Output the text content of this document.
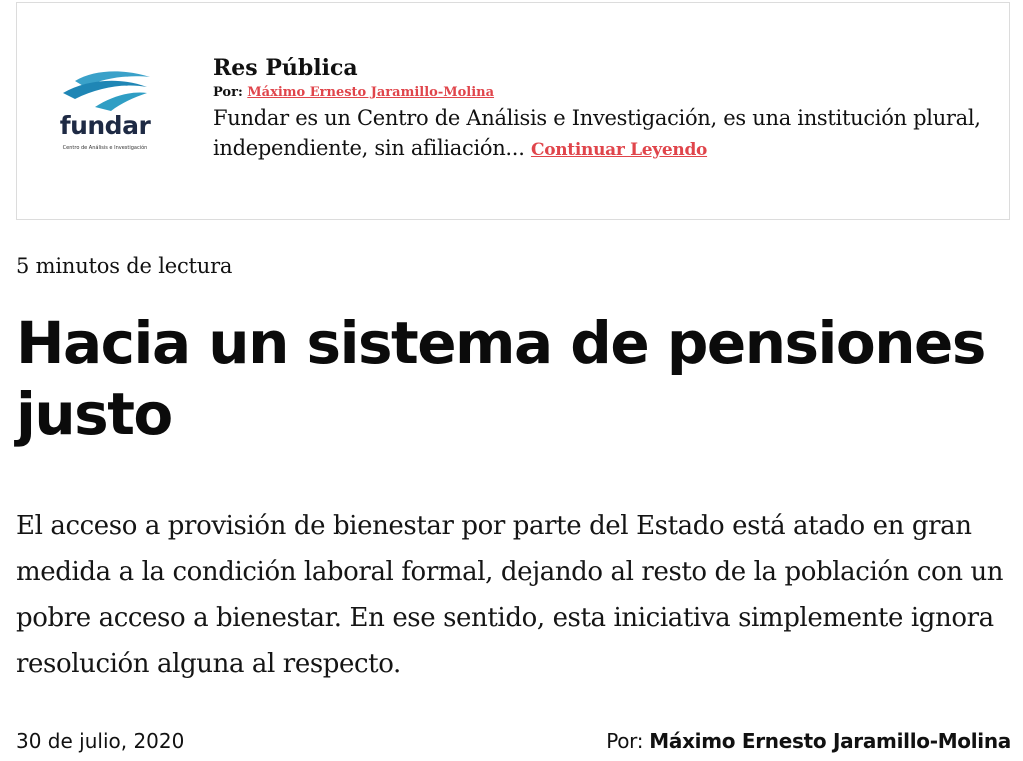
fundar
Centro de Análisis e Investigación
Res Pública
Por: Máximo Ernesto Jaramillo-Molina
Fundar es un Centro de Análisis e Investigación, es una institución plural, independiente, sin afiliación... Continuar Leyendo
5 minutos de lectura
Hacia un sistema de pensiones justo

El acceso a provisión de bienestar por parte del Estado está atado en gran medida a la condición laboral formal, dejando al resto de la población con un pobre acceso a bienestar. En ese sentido, esta iniciativa simplemente ignora resolución alguna al respecto.

30 de julio, 2020	Por: Máximo Ernesto Jaramillo-Molina
